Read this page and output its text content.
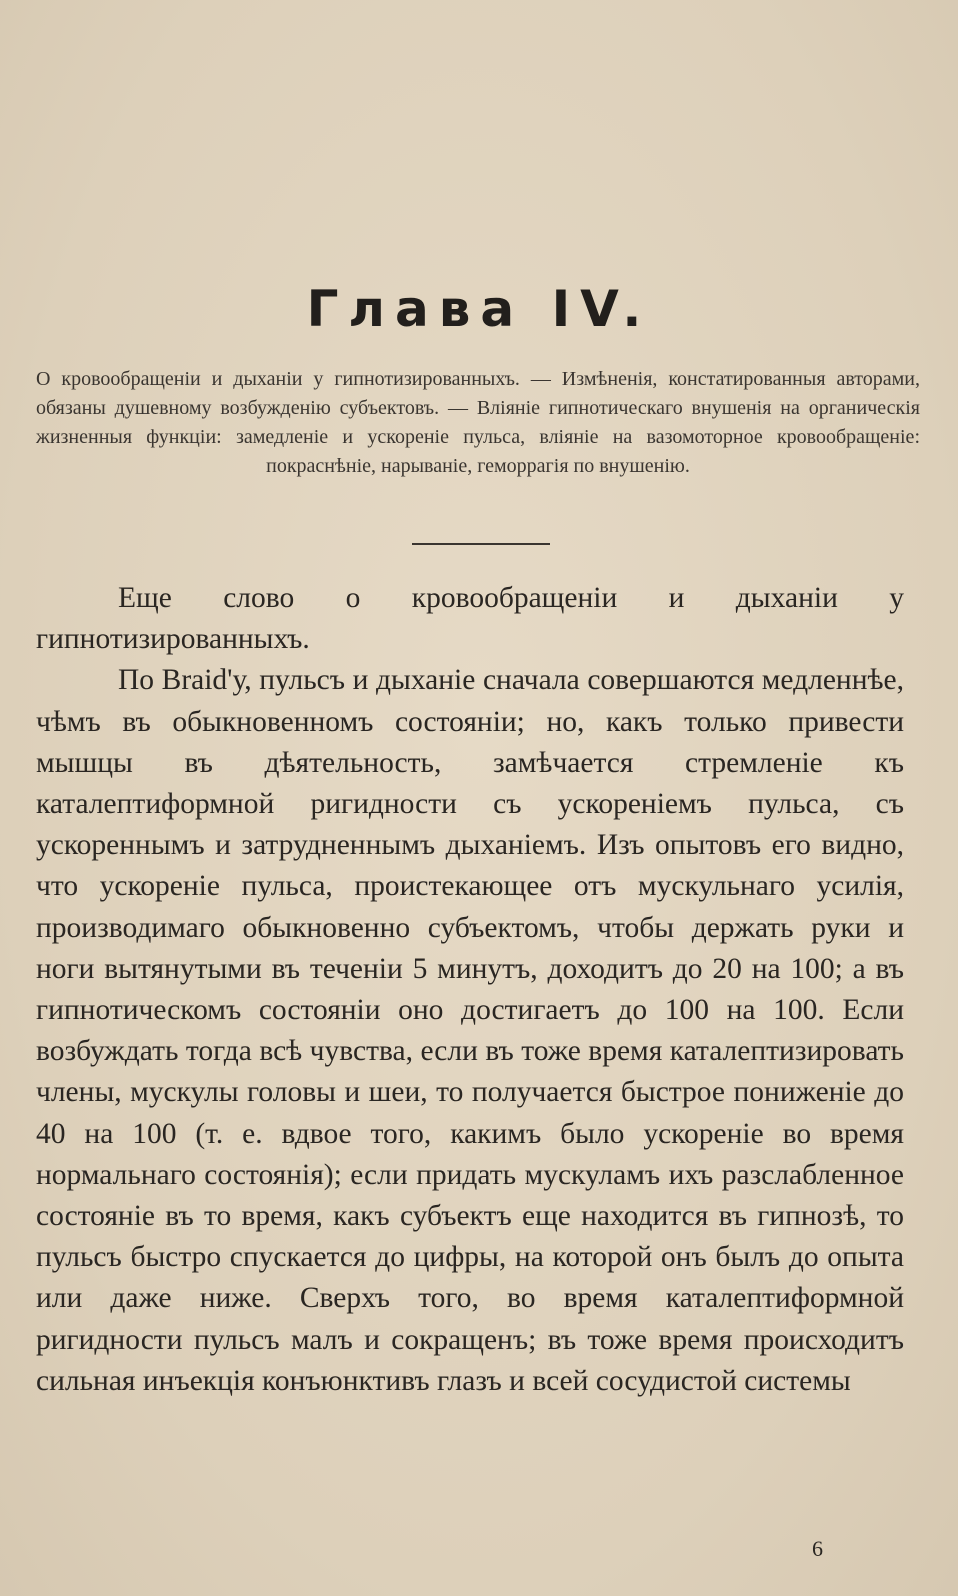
Глава IV.
О кровообращеніи и дыханіи у гипнотизированныхъ. — Измѣненія, констатированныя авторами, обязаны душевному возбужденію субъектовъ. — Вліяніе гипнотическаго внушенія на органическія жизненныя функціи: замедленіе и ускореніе пульса, вліяніе на вазомоторное кровообращеніе: покраснѣніе, нарываніе, геморрагія по внушенію.

Еще слово о кровообращеніи и дыханіи у гипнотизированныхъ.

По Braid'у, пульсъ и дыханіе сначала совершаются медленнѣе, чѣмъ въ обыкновенномъ состояніи; но, какъ только привести мышцы въ дѣятельность, замѣчается стремленіе къ каталептиформной ригидности съ ускореніемъ пульса, съ ускореннымъ и затрудненнымъ дыханіемъ. Изъ опытовъ его видно, что ускореніе пульса, проистекающее отъ мускульнаго усилія, производимаго обыкновенно субъектомъ, чтобы держать руки и ноги вытянутыми въ теченіи 5 минутъ, доходитъ до 20 на 100; а въ гипнотическомъ состояніи оно достигаетъ до 100 на 100. Если возбуждать тогда всѣ чувства, если въ тоже время каталептизировать члены, мускулы головы и шеи, то получается быстрое пониженіе до 40 на 100 (т. е. вдвое того, какимъ было ускореніе во время нормальнаго состоянія); если придать мускуламъ ихъ разслабленное состояніе въ то время, какъ субъектъ еще находится въ гипнозѣ, то пульсъ быстро спускается до цифры, на которой онъ былъ до опыта или даже ниже. Сверхъ того, во время каталептиформной ригидности пульсъ малъ и сокращенъ; въ тоже время происходитъ сильная инъекція конъюнктивъ глазъ и всей сосудистой системы

6
